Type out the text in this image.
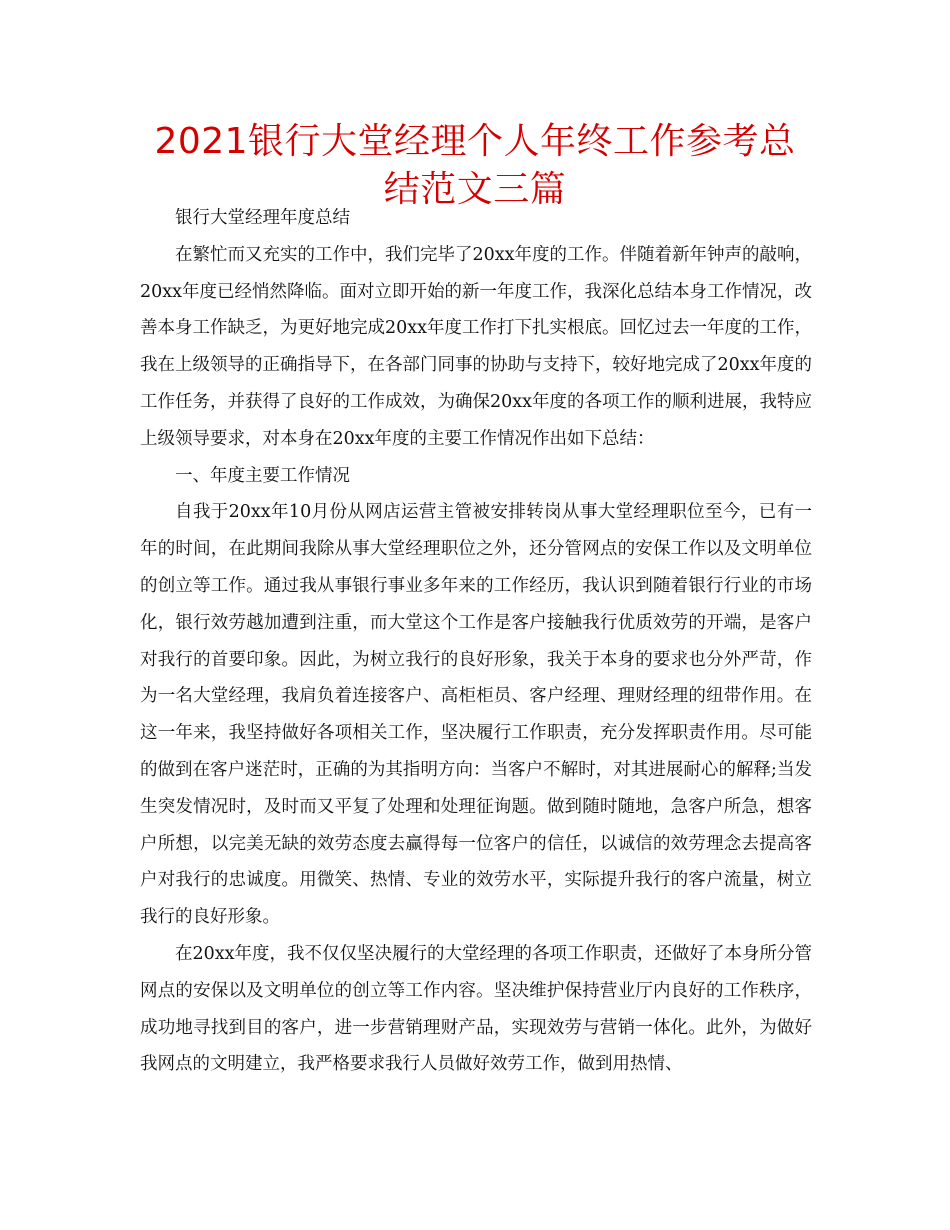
2021银行大堂经理个人年终工作参考总结范文三篇

银行大堂经理年度总结

在繁忙而又充实的工作中，我们完毕了20xx年度的工作。伴随着新年钟声的敲响，20xx年度已经悄然降临。面对立即开始的新一年度工作，我深化总结本身工作情况，改善本身工作缺乏，为更好地完成20xx年度工作打下扎实根底。回忆过去一年度的工作，我在上级领导的正确指导下，在各部门同事的协助与支持下，较好地完成了20xx年度的工作任务，并获得了良好的工作成效，为确保20xx年度的各项工作的顺利进展，我特应上级领导要求，对本身在20xx年度的主要工作情况作出如下总结：

一、年度主要工作情况

自我于20xx年10月份从网店运营主管被安排转岗从事大堂经理职位至今，已有一年的时间，在此期间我除从事大堂经理职位之外，还分管网点的安保工作以及文明单位的创立等工作。通过我从事银行事业多年来的工作经历，我认识到随着银行行业的市场化，银行效劳越加遭到注重，而大堂这个工作是客户接触我行优质效劳的开端，是客户对我行的首要印象。因此，为树立我行的良好形象，我关于本身的要求也分外严苛，作为一名大堂经理，我肩负着连接客户、高柜柜员、客户经理、理财经理的纽带作用。在这一年来，我坚持做好各项相关工作，坚决履行工作职责，充分发挥职责作用。尽可能的做到在客户迷茫时，正确的为其指明方向：当客户不解时，对其进展耐心的解释;当发生突发情况时，及时而又平复了处理和处理征询题。做到随时随地，急客户所急，想客户所想，以完美无缺的效劳态度去赢得每一位客户的信任，以诚信的效劳理念去提高客户对我行的忠诚度。用微笑、热情、专业的效劳水平，实际提升我行的客户流量，树立我行的良好形象。

在20xx年度，我不仅仅坚决履行的大堂经理的各项工作职责，还做好了本身所分管网点的安保以及文明单位的创立等工作内容。坚决维护保持营业厅内良好的工作秩序，成功地寻找到目的客户，进一步营销理财产品，实现效劳与营销一体化。此外，为做好我网点的文明建立，我严格要求我行人员做好效劳工作，做到用热情、
